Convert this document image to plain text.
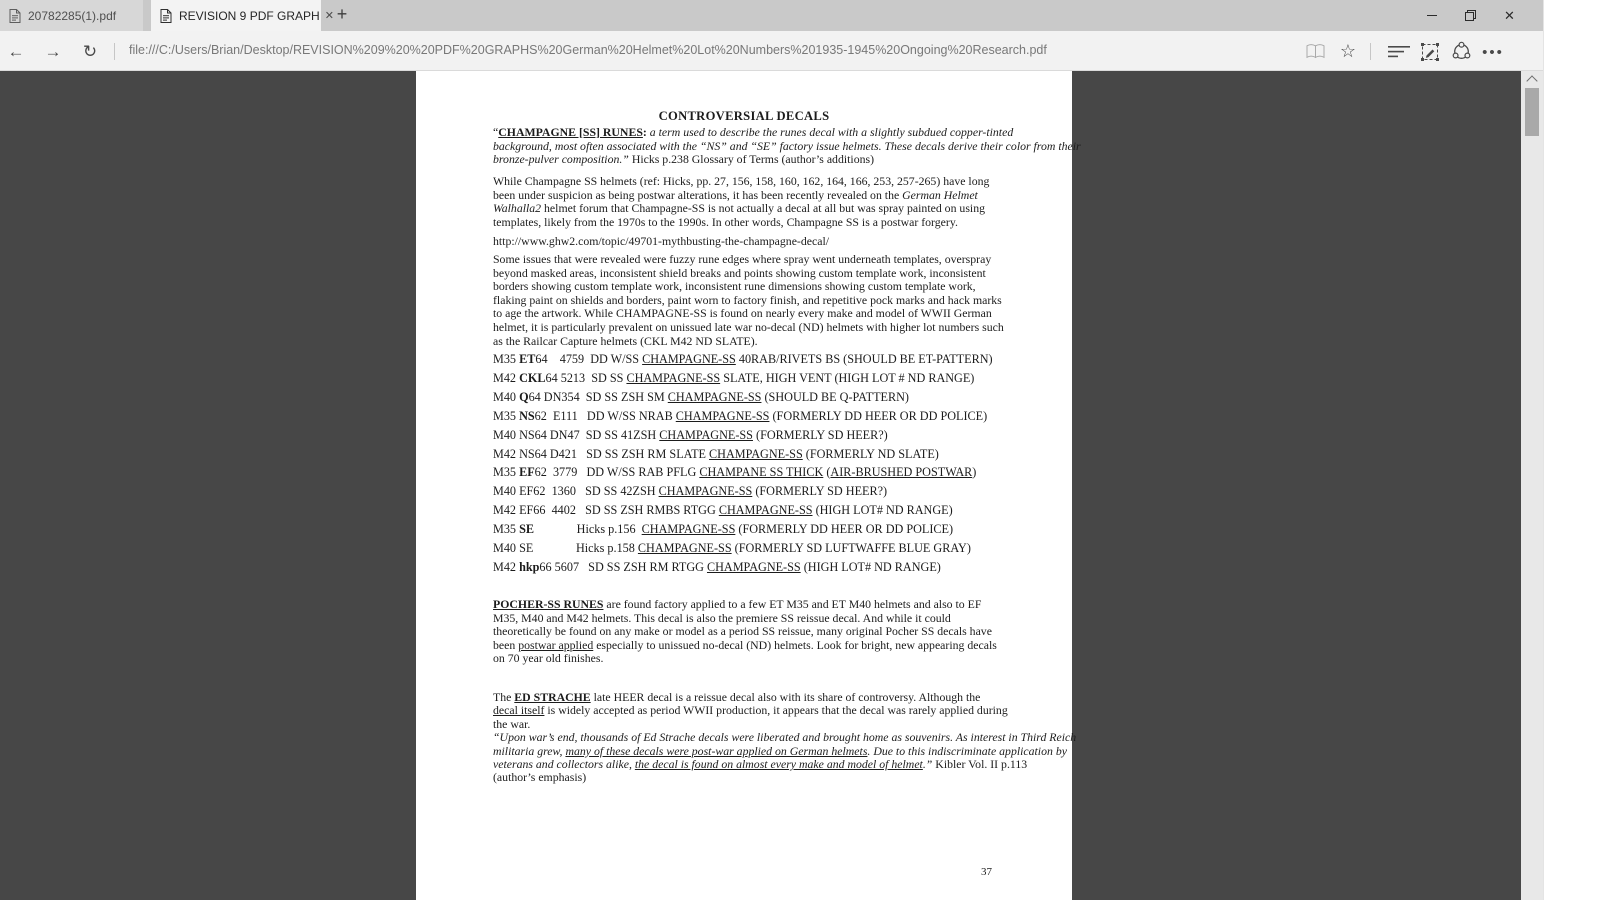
20782285(1).pdf	REVISION 9 PDF GRAPH ✕ +	✕
← →	↻	file:///C:/Users/Brian/Desktop/REVISION%209%20%20PDF%20GRAPHS%20German%20Helmet%20Lot%20Numbers%201935-1945%20Ongoing%20Research.pdf	☆	•••
CONTROVERSIAL DECALS
“CHAMPAGNE [SS] RUNES: a term used to describe the runes decal with a slightly subdued copper-tinted
background, most often associated with the “NS” and “SE” factory issue helmets. These decals derive their color from their
bronze-pulver composition.” Hicks p.238 Glossary of Terms (author’s additions)
While Champagne SS helmets (ref: Hicks, pp. 27, 156, 158, 160, 162, 164, 166, 253, 257-265) have long
been under suspicion as being postwar alterations, it has been recently revealed on the German Helmet
Walhalla2 helmet forum that Champagne-SS is not actually a decal at all but was spray painted on using
templates, likely from the 1970s to the 1990s. In other words, Champagne SS is a postwar forgery.
http://www.ghw2.com/topic/49701-mythbusting-the-champagne-decal/
Some issues that were revealed were fuzzy rune edges where spray went underneath templates, overspray
beyond masked areas, inconsistent shield breaks and points showing custom template work, inconsistent
borders showing custom template work, inconsistent rune dimensions showing custom template work,
flaking paint on shields and borders, paint worn to factory finish, and repetitive pock marks and hack marks
to age the artwork. While CHAMPAGNE-SS is found on nearly every make and model of WWII German
helmet, it is particularly prevalent on unissued late war no-decal (ND) helmets with higher lot numbers such
as the Railcar Capture helmets (CKL M42 ND SLATE).
M35 ET64    4759  DD W/SS CHAMPAGNE-SS 40RAB/RIVETS BS (SHOULD BE ET-PATTERN)
M42 CKL64 5213  SD SS CHAMPAGNE-SS SLATE, HIGH VENT (HIGH LOT # ND RANGE)
M40 Q64 DN354  SD SS ZSH SM CHAMPAGNE-SS (SHOULD BE Q-PATTERN)
M35 NS62  E111   DD W/SS NRAB CHAMPAGNE-SS (FORMERLY DD HEER OR DD POLICE)
M40 NS64 DN47  SD SS 41ZSH CHAMPAGNE-SS (FORMERLY SD HEER?)
M42 NS64 D421   SD SS ZSH RM SLATE CHAMPAGNE-SS (FORMERLY ND SLATE)
M35 EF62  3779   DD W/SS RAB PFLG CHAMPANE SS THICK (AIR-BRUSHED POSTWAR)
M40 EF62  1360   SD SS 42ZSH CHAMPAGNE-SS (FORMERLY SD HEER?)
M42 EF66  4402   SD SS ZSH RMBS RTGG CHAMPAGNE-SS (HIGH LOT# ND RANGE)
M35 SE              Hicks p.156  CHAMPAGNE-SS (FORMERLY DD HEER OR DD POLICE)
M40 SE              Hicks p.158 CHAMPAGNE-SS (FORMERLY SD LUFTWAFFE BLUE GRAY)
M42 hkp66 5607   SD SS ZSH RM RTGG CHAMPAGNE-SS (HIGH LOT# ND RANGE)
POCHER-SS RUNES are found factory applied to a few ET M35 and ET M40 helmets and also to EF
M35, M40 and M42 helmets. This decal is also the premiere SS reissue decal. And while it could
theoretically be found on any make or model as a period SS reissue, many original Pocher SS decals have
been postwar applied especially to unissued no-decal (ND) helmets. Look for bright, new appearing decals
on 70 year old finishes.
The ED STRACHE late HEER decal is a reissue decal also with its share of controversy. Although the
decal itself is widely accepted as period WWII production, it appears that the decal was rarely applied during
the war.
“Upon war’s end, thousands of Ed Strache decals were liberated and brought home as souvenirs. As interest in Third Reich
militaria grew, many of these decals were post-war applied on German helmets. Due to this indiscriminate application by
veterans and collectors alike, the decal is found on almost every make and model of helmet.” Kibler Vol. II p.113
(author’s emphasis)
37
